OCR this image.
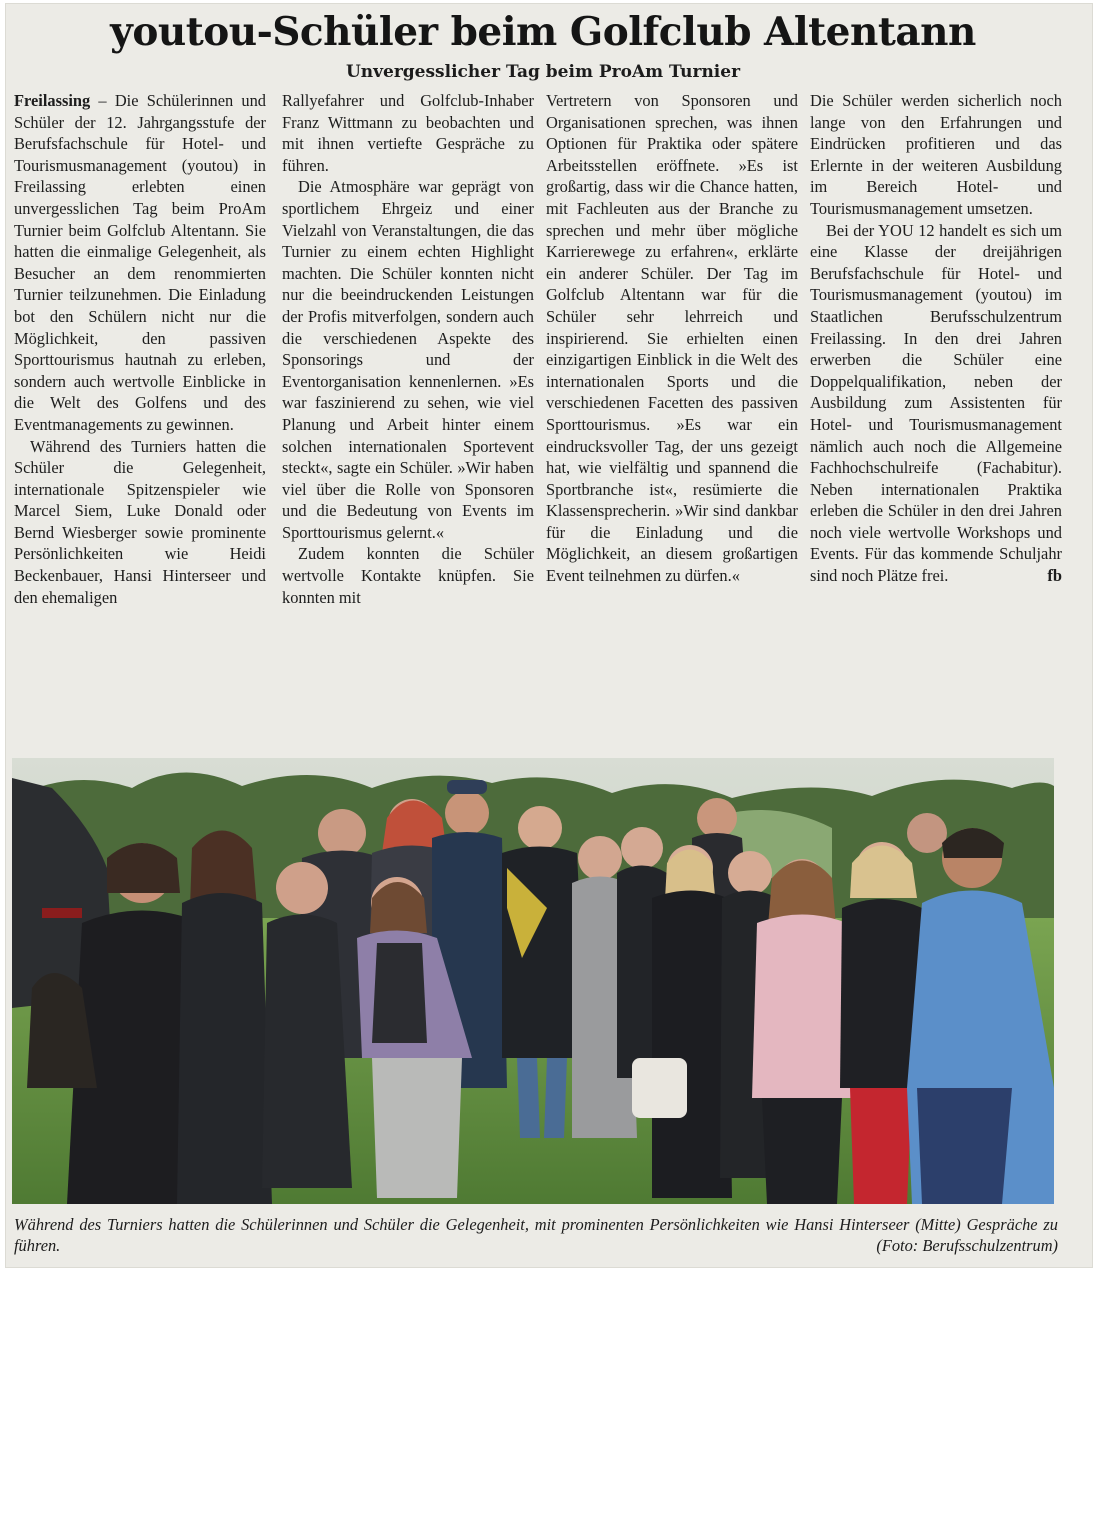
youtou-Schüler beim Golfclub Altentann
Unvergesslicher Tag beim ProAm Turnier

Freilassing – Die Schülerinnen und Schüler der 12. Jahrgangsstufe der Berufsfachschule für Hotel- und Tourismusmanagement (youtou) in Freilassing erlebten einen unvergesslichen Tag beim ProAm Turnier beim Golfclub Altentann. Sie hatten die einmalige Gelegenheit, als Besucher an dem renommierten Turnier teilzunehmen. Die Einladung bot den Schülern nicht nur die Möglichkeit, den passiven Sporttourismus hautnah zu erleben, sondern auch wertvolle Einblicke in die Welt des Golfens und des Eventmanagements zu gewinnen.

Während des Turniers hatten die Schüler die Gelegenheit, internationale Spitzenspieler wie Marcel Siem, Luke Donald oder Bernd Wiesberger sowie prominente Persönlichkeiten wie Heidi Beckenbauer, Hansi Hinterseer und den ehemaligen

Rallyefahrer und Golfclub-Inhaber Franz Wittmann zu beobachten und mit ihnen vertiefte Gespräche zu führen.

Die Atmosphäre war geprägt von sportlichem Ehrgeiz und einer Vielzahl von Veranstaltungen, die das Turnier zu einem echten Highlight machten. Die Schüler konnten nicht nur die beeindruckenden Leistungen der Profis mitverfolgen, sondern auch die verschiedenen Aspekte des Sponsorings und der Eventorganisation kennenlernen. »Es war faszinierend zu sehen, wie viel Planung und Arbeit hinter einem solchen internationalen Sportevent steckt«, sagte ein Schüler. »Wir haben viel über die Rolle von Sponsoren und die Bedeutung von Events im Sporttourismus gelernt.«

Zudem konnten die Schüler wertvolle Kontakte knüpfen. Sie konnten mit

Vertretern von Sponsoren und Organisationen sprechen, was ihnen Optionen für Praktika oder spätere Arbeitsstellen eröffnete. »Es ist großartig, dass wir die Chance hatten, mit Fachleuten aus der Branche zu sprechen und mehr über mögliche Karrierewege zu erfahren«, erklärte ein anderer Schüler. Der Tag im Golfclub Altentann war für die Schüler sehr lehrreich und inspirierend. Sie erhielten einen einzigartigen Einblick in die Welt des internationalen Sports und die verschiedenen Facetten des passiven Sporttourismus. »Es war ein eindrucksvoller Tag, der uns gezeigt hat, wie vielfältig und spannend die Sportbranche ist«, resümierte die Klassensprecherin. »Wir sind dankbar für die Einladung und die Möglichkeit, an diesem großartigen Event teilnehmen zu dürfen.«

Die Schüler werden sicherlich noch lange von den Erfahrungen und Eindrücken profitieren und das Erlernte in der weiteren Ausbildung im Bereich Hotel- und Tourismusmanagement umsetzen.

Bei der YOU 12 handelt es sich um eine Klasse der dreijährigen Berufsfachschule für Hotel- und Tourismusmanagement (youtou) im Staatlichen Berufsschulzentrum Freilassing. In den drei Jahren erwerben die Schüler eine Doppelqualifikation, neben der Ausbildung zum Assistenten für Hotel- und Tourismusmanagement nämlich auch noch die Allgemeine Fachhochschulreife (Fachabitur). Neben internationalen Praktika erleben die Schüler in den drei Jahren noch viele wertvolle Workshops und Events. Für das kommende Schuljahr sind noch Plätze frei.	fb

Während des Turniers hatten die Schülerinnen und Schüler die Gelegenheit, mit prominenten Persönlichkeiten wie Hansi Hinterseer (Mitte) Gespräche zu führen.	(Foto: Berufsschulzentrum)
